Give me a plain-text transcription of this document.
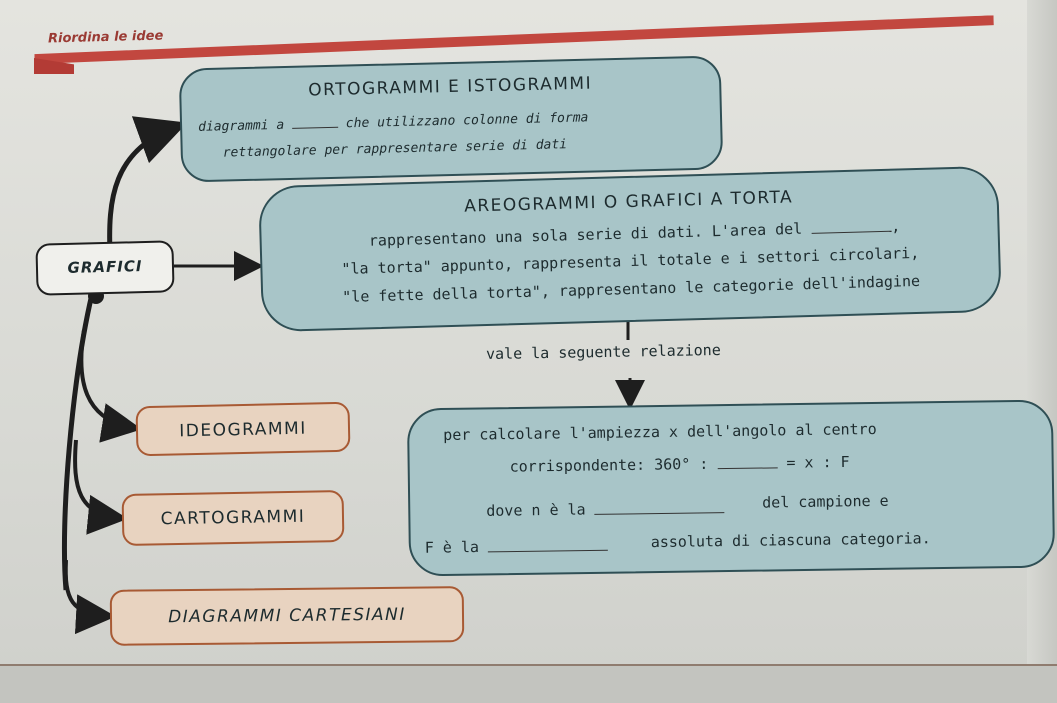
Riordina le idee
ORTOGRAMMI E ISTOGRAMMI
diagrammi a	che utilizzano colonne di forma
rettangolare per rappresentare serie di dati
AREOGRAMMI O GRAFICI A TORTA
rappresentano una sola serie di dati. L'area del	,
"la torta" appunto, rappresenta il totale e i settori circolari,
"le fette della torta", rappresentano le categorie dell'indagine
GRAFICI
vale la seguente relazione
per calcolare l'ampiezza x dell'angolo al centro
corrispondente: 360° :	= x : F
dove n è la	del campione e
F è la	assoluta di ciascuna categoria.
IDEOGRAMMI
CARTOGRAMMI
DIAGRAMMI CARTESIANI
